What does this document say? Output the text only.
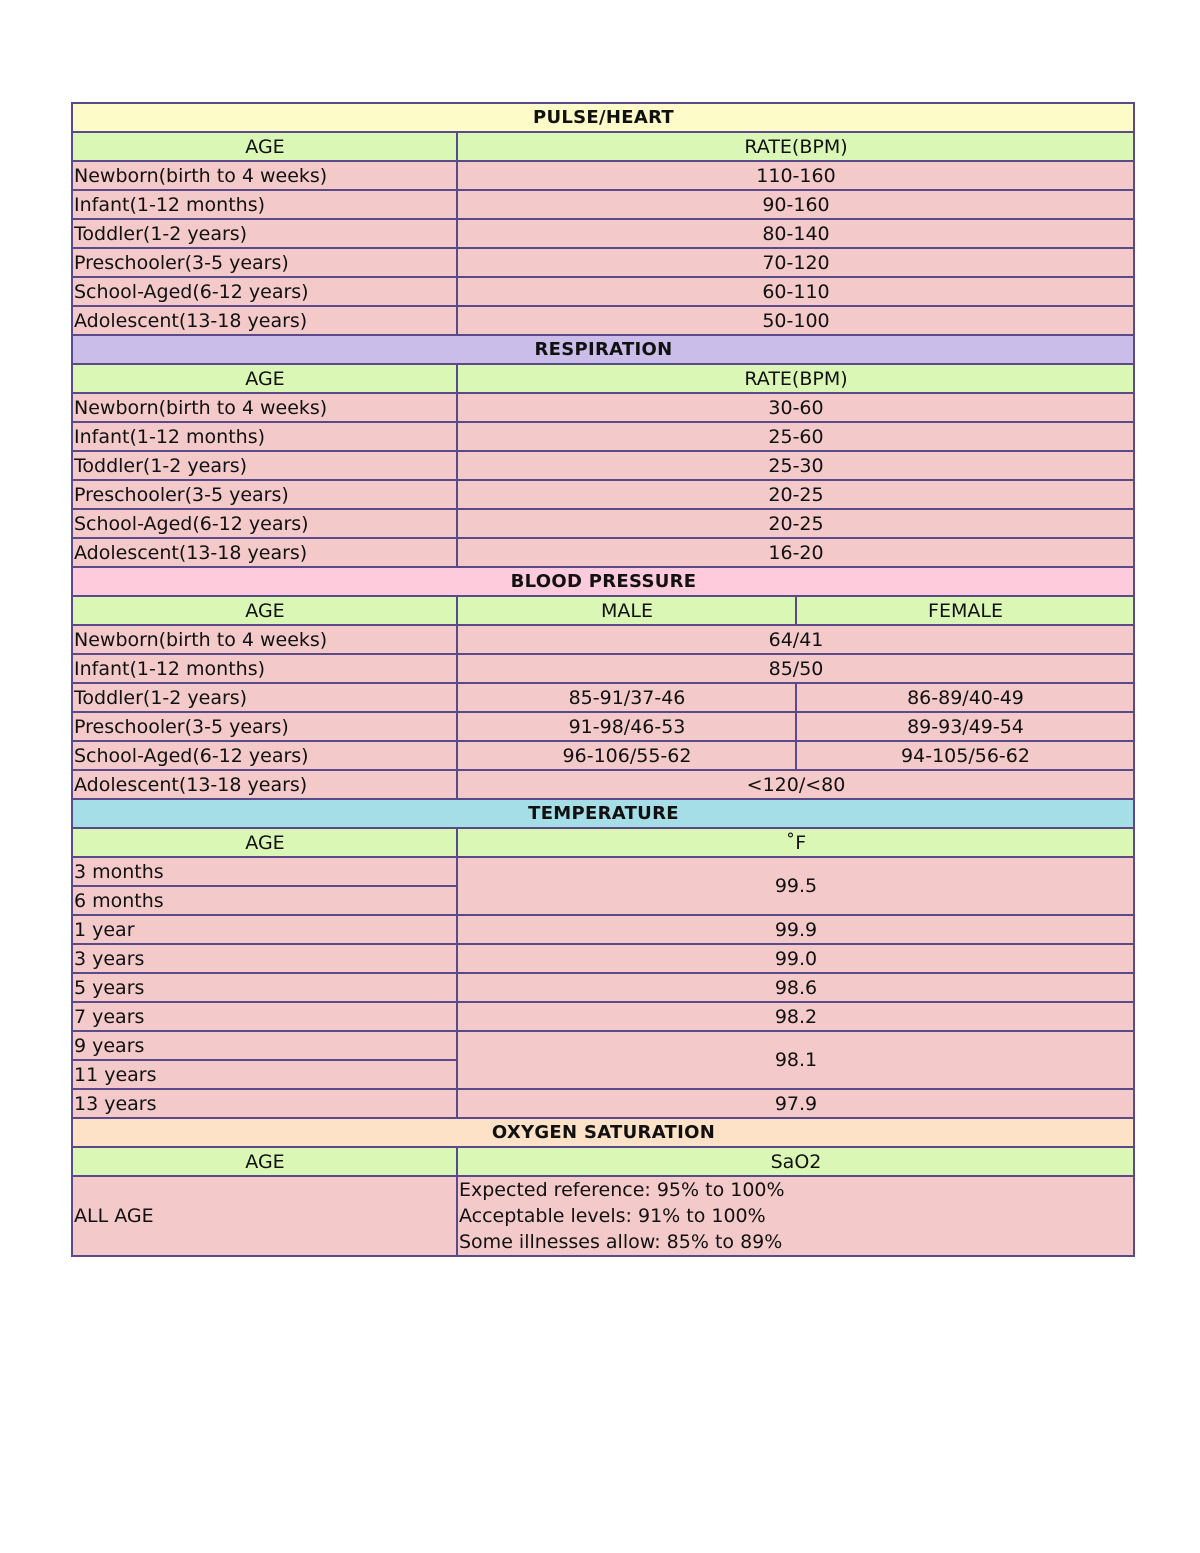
PULSE/HEART		
AGE	RATE(BPM)	
Newborn(birth to 4 weeks)	110-160	
Infant(1-12 months)	90-160	
Toddler(1-2 years)	80-140	
Preschooler(3-5 years)	70-120	
School-Aged(6-12 years)	60-110	
Adolescent(13-18 years)	50-100	
RESPIRATION		
AGE	RATE(BPM)	
Newborn(birth to 4 weeks)	30-60	
Infant(1-12 months)	25-60	
Toddler(1-2 years)	25-30	
Preschooler(3-5 years)	20-25	
School-Aged(6-12 years)	20-25	
Adolescent(13-18 years)	16-20	
BLOOD PRESSURE		
AGE	MALE	FEMALE
Newborn(birth to 4 weeks)	64/41	
Infant(1-12 months)	85/50	
Toddler(1-2 years)	85-91/37-46	86-89/40-49
Preschooler(3-5 years)	91-98/46-53	89-93/49-54
School-Aged(6-12 years)	96-106/55-62	94-105/56-62
Adolescent(13-18 years)	<120/<80	
TEMPERATURE		
AGE	˚F	
3 months	99.5	
6 months		
1 year	99.9	
3 years	99.0	
5 years	98.6	
7 years	98.2	
9 years	98.1	
11 years		
13 years	97.9	
OXYGEN SATURATION		
AGE	SaO2	
ALL AGE	Expected reference: 95% to 100%
Acceptable levels: 91% to 100%
Some illnesses allow: 85% to 89%	
